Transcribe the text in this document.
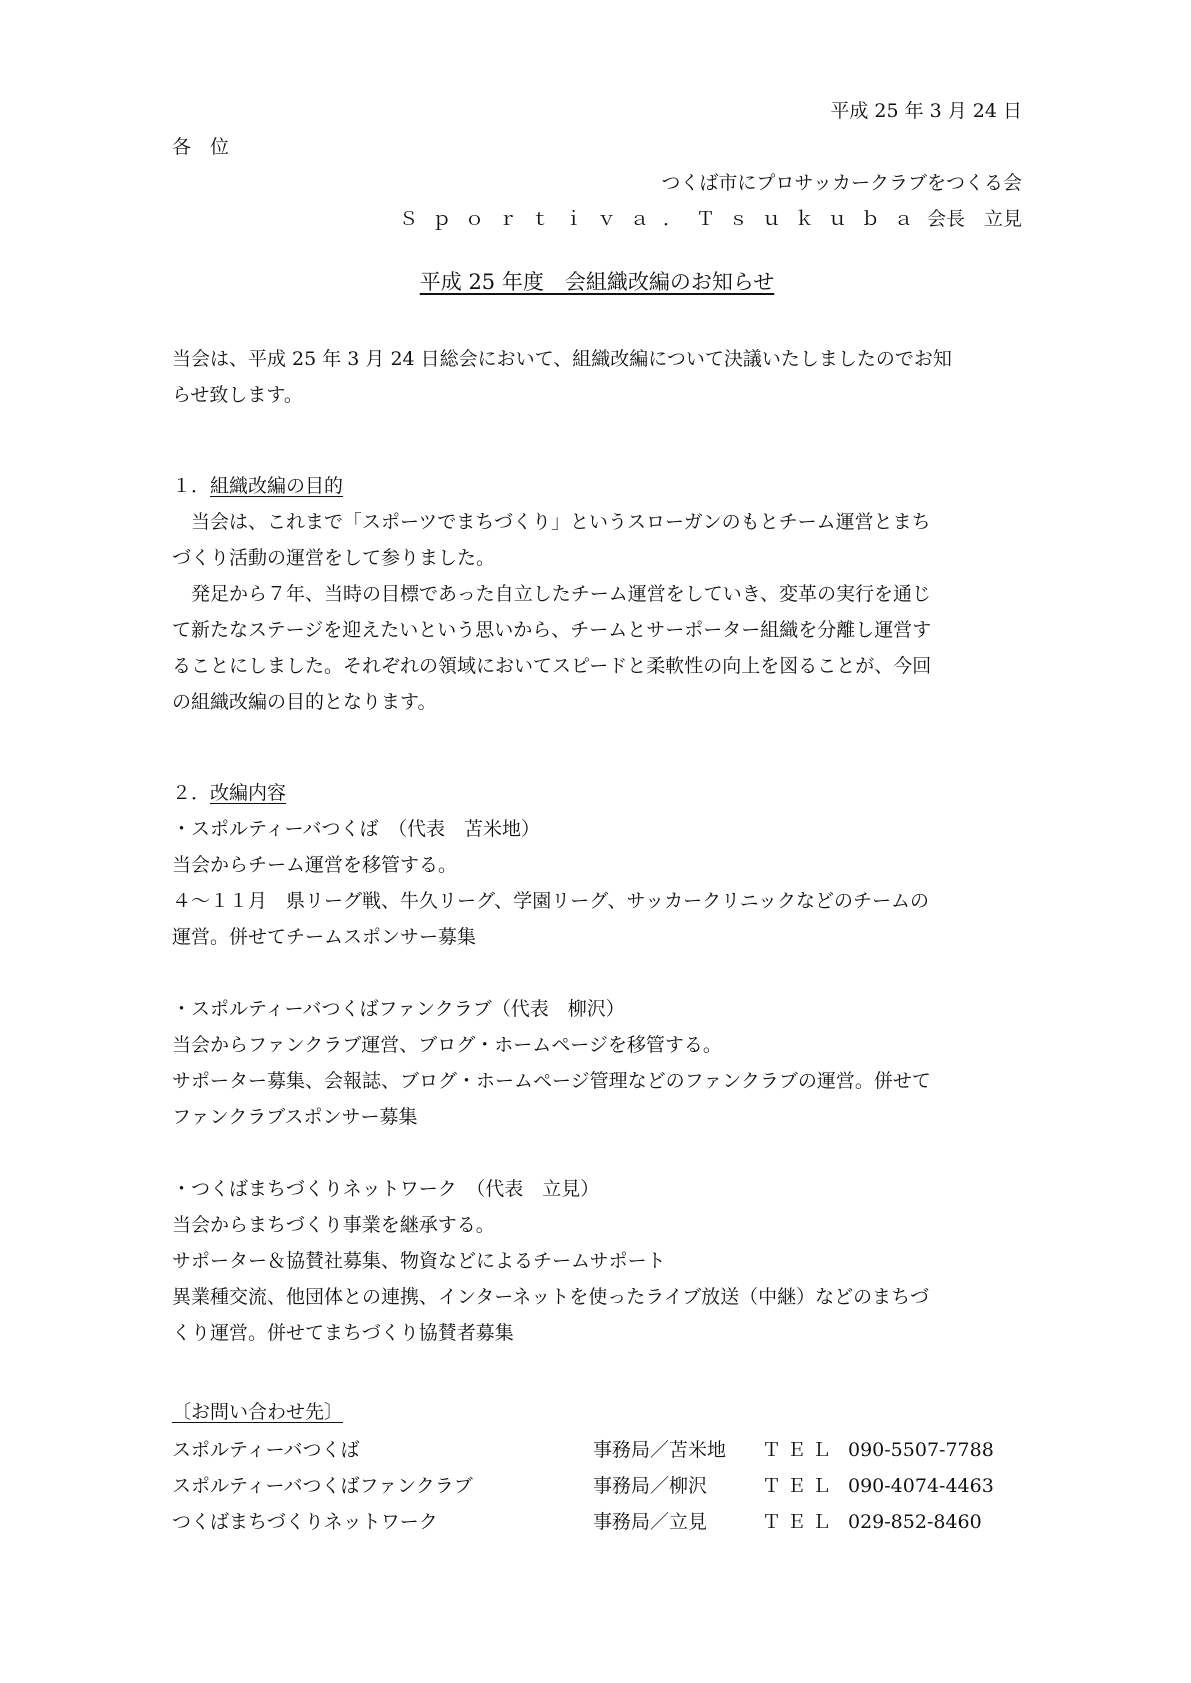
平成 25 年 3 月 24 日
各　位
つくば市にプロサッカークラブをつくる会
Ｓｐｏｒｔｉｖａ．Ｔｓｕｋｕｂａ会長　立見
平成 25 年度　会組織改編のお知らせ
当会は、平成 25 年 3 月 24 日総会において、組織改編について決議いたしましたのでお知
らせ致します。
１．組織改編の目的
　当会は、これまで「スポーツでまちづくり」というスローガンのもとチーム運営とまち
づくり活動の運営をして参りました。
　発足から７年、当時の目標であった自立したチーム運営をしていき、変革の実行を通じ
て新たなステージを迎えたいという思いから、チームとサーポーター組織を分離し運営す
ることにしました。それぞれの領域においてスピードと柔軟性の向上を図ることが、今回
の組織改編の目的となります。
２．改編内容
・スポルティーバつくば　（代表　苫米地）
当会からチーム運営を移管する。
４～１１月　県リーグ戦、牛久リーグ、学園リーグ、サッカークリニックなどのチームの
運営。併せてチームスポンサー募集
・スポルティーバつくばファンクラブ（代表　柳沢）
当会からファンクラブ運営、ブログ・ホームページを移管する。
サポーター募集、会報誌、ブログ・ホームページ管理などのファンクラブの運営。併せて
ファンクラブスポンサー募集
・つくばまちづくりネットワーク　（代表　立見）
当会からまちづくり事業を継承する。
サポーター＆協賛社募集、物資などによるチームサポート
異業種交流、他団体との連携、インターネットを使ったライブ放送（中継）などのまちづ
くり運営。併せてまちづくり協賛者募集
〔お問い合わせ先〕
スポルティーバつくば	事務局／苫米地 ＴＥＬ 090-5507-7788
スポルティーバつくばファンクラブ	事務局／柳沢	ＴＥＬ 090-4074-4463
つくばまちづくりネットワーク	事務局／立見	ＴＥＬ 029-852-8460
